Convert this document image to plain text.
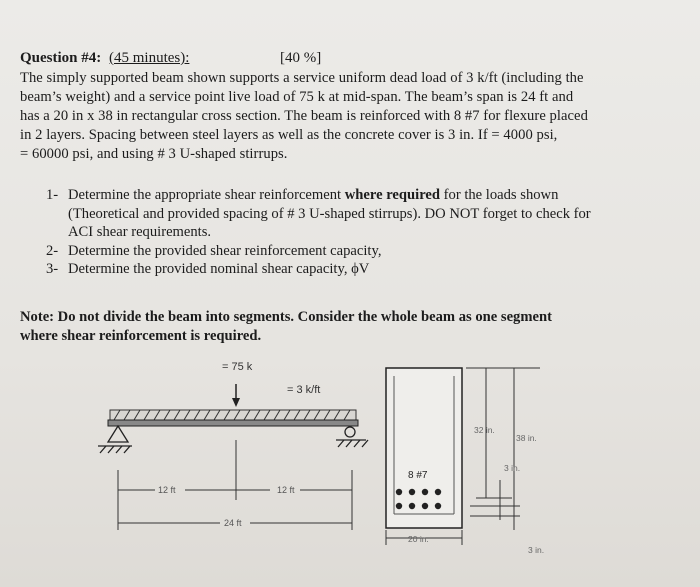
Question #4: (45 minutes):	[40 %]
The simply supported beam shown supports a service uniform dead load of 3 k/ft (including the
beam’s weight) and a service point live load of 75 k at mid-span. The beam’s span is 24 ft and
has a 20 in x 38 in rectangular cross section. The beam is reinforced with 8 #7 for flexure placed
in 2 layers. Spacing between steel layers as well as the concrete cover is 3 in. If = 4000 psi,
= 60000 psi, and using # 3 U-shaped stirrups.
1- Determine the appropriate shear reinforcement where required for the loads shown
(Theoretical and provided spacing of # 3 U-shaped stirrups). DO NOT forget to check for
ACI shear requirements.
2- Determine the provided shear reinforcement capacity,
3- Determine the provided nominal shear capacity, ϕV
Note: Do not divide the beam into segments. Consider the whole beam as one segment
where shear reinforcement is required.
= 75 k
= 3 k/ft
12 ft	12 ft
24 ft
8 #7
32 in.
38 in.
3 in.
20 in.
3 in.
